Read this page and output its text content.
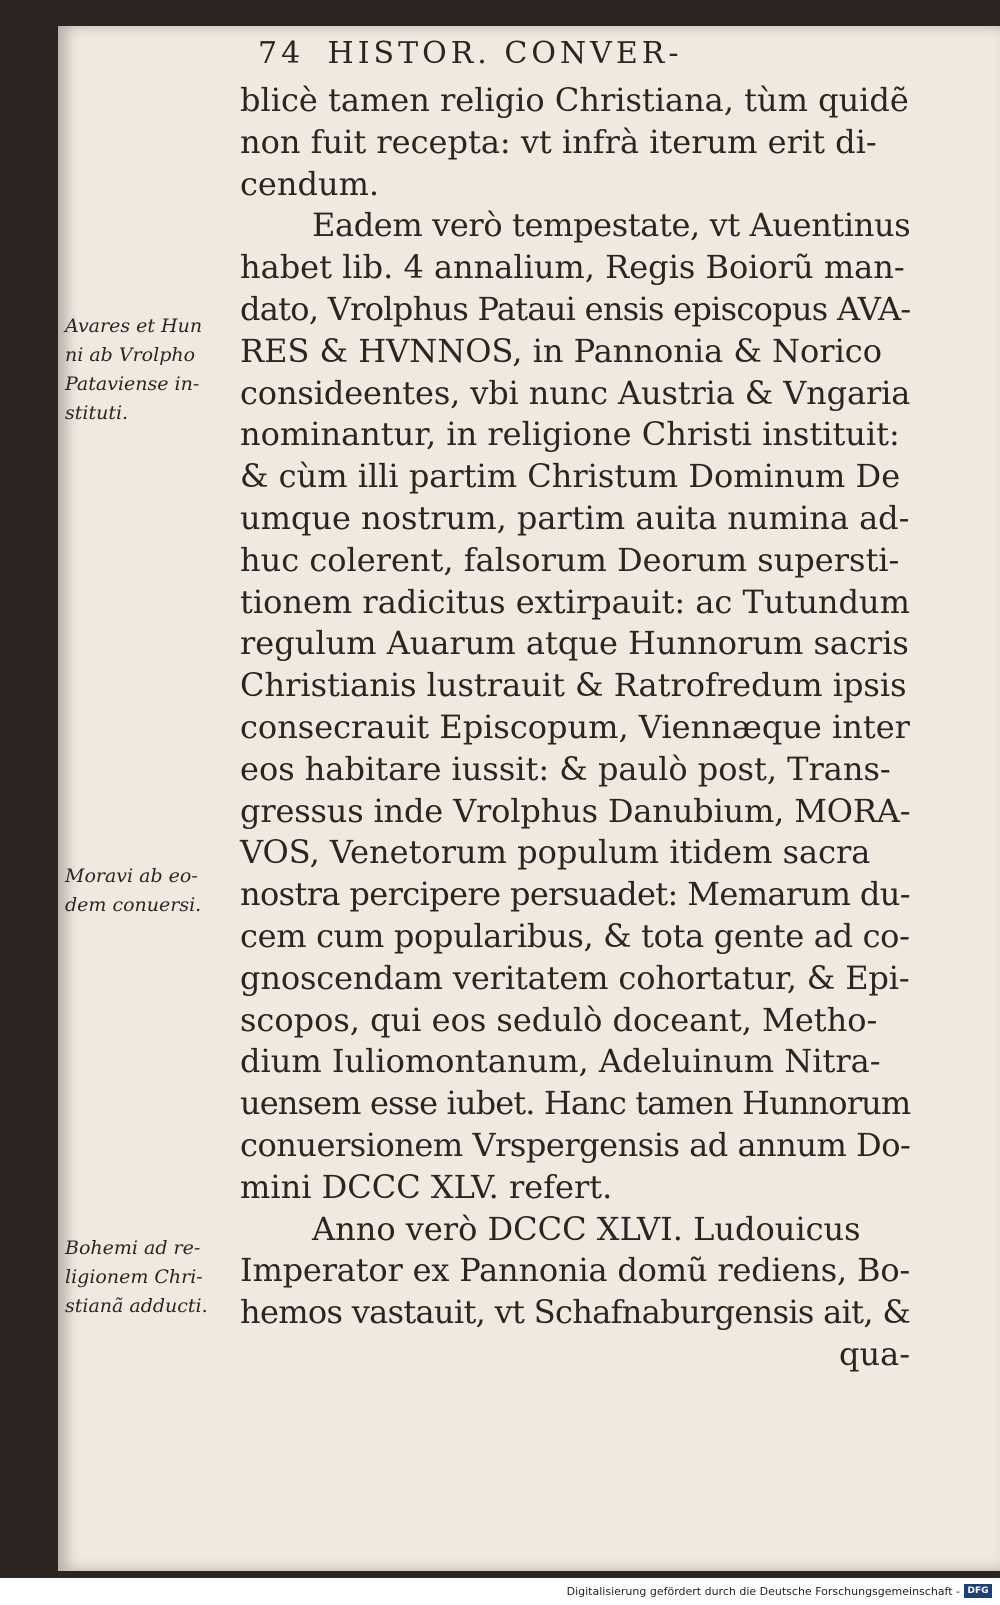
74 HISTOR. CONVER-
blicè tamen religio Christiana, tùm quidẽ
non fuit recepta: vt infrà iterum erit di-
cendum.
Eadem verò tempestate, vt Auentinus
habet lib. 4 annalium, Regis Boiorũ man-
dato, Vrolphus Pataui ensis episcopus AVA-
RES & HVNNOS, in Pannonia & Norico
consideentes, vbi nunc Austria & Vngaria
nominantur, in religione Christi instituit:
& cùm illi partim Christum Dominum De
umque nostrum, partim auita numina ad-
huc colerent, falsorum Deorum supersti-
tionem radicitus extirpauit: ac Tutundum
regulum Auarum atque Hunnorum sacris
Christianis lustrauit & Ratrofredum ipsis
consecrauit Episcopum, Viennæque inter
eos habitare iussit: & paulò post, Trans-
gressus inde Vrolphus Danubium, MORA-
VOS, Venetorum populum itidem sacra
nostra percipere persuadet: Memarum du-
cem cum popularibus, & tota gente ad co-
gnoscendam veritatem cohortatur, & Epi-
scopos, qui eos sedulò doceant, Metho-
dium Iuliomontanum, Adeluinum Nitra-
uensem esse iubet. Hanc tamen Hunnorum
conuersionem Vrspergensis ad annum Do-
mini DCCC XLV. refert.
Anno verò DCCC XLVI. Ludouicus
Imperator ex Pannonia domũ rediens, Bo-
hemos vastauit, vt Schafnaburgensis ait, &
qua-
Avares et Hun
ni ab Vrolpho
Pataviense in-
stituti.
Moravi ab eo-
dem conuersi.
Bohemi ad re-
ligionem Chri-
stianã adducti.
Digitalisierung gefördert durch die Deutsche Forschungsgemeinschaft - DFG
